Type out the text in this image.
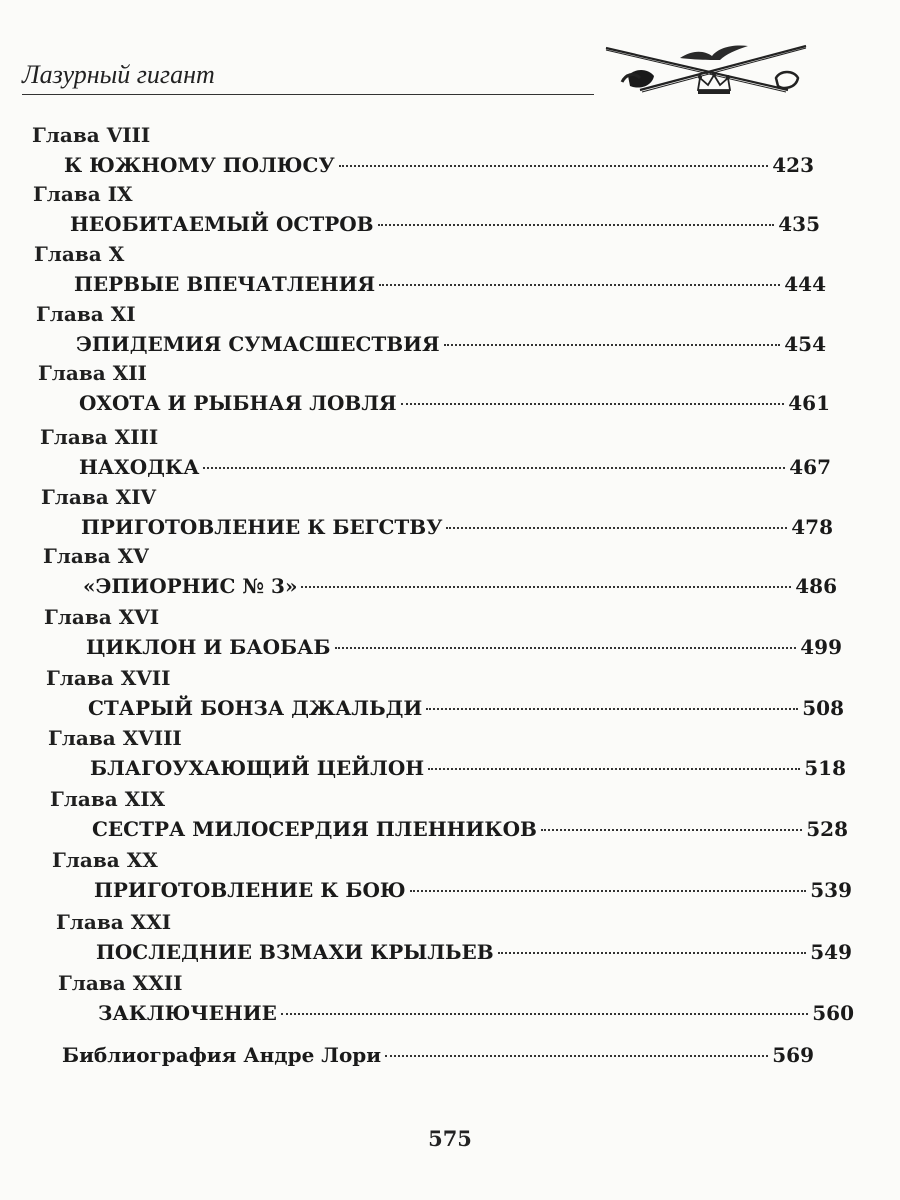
Лазурный гигант
Глава VIII
К ЮЖНОМУ ПОЛЮСУ	423
Глава IX
НЕОБИТАЕМЫЙ ОСТРОВ	435
Глава X
ПЕРВЫЕ ВПЕЧАТЛЕНИЯ	444
Глава XI
ЭПИДЕМИЯ СУМАСШЕСТВИЯ	454
Глава XII
ОХОТА И РЫБНАЯ ЛОВЛЯ	461
Глава XIII
НАХОДКА	467
Глава XIV
ПРИГОТОВЛЕНИЕ К БЕГСТВУ	478
Глава XV
«ЭПИОРНИС № 3»	486
Глава XVI
ЦИКЛОН И БАОБАБ	499
Глава XVII
СТАРЫЙ БОНЗА ДЖАЛЬДИ	508
Глава XVIII
БЛАГОУХАЮЩИЙ ЦЕЙЛОН	518
Глава XIX
СЕСТРА МИЛОСЕРДИЯ ПЛЕННИКОВ	528
Глава XX
ПРИГОТОВЛЕНИЕ К БОЮ	539
Глава XXI
ПОСЛЕДНИЕ ВЗМАХИ КРЫЛЬЕВ	549
Глава XXII
ЗАКЛЮЧЕНИЕ	560
Библиография Андре Лори	569
575
